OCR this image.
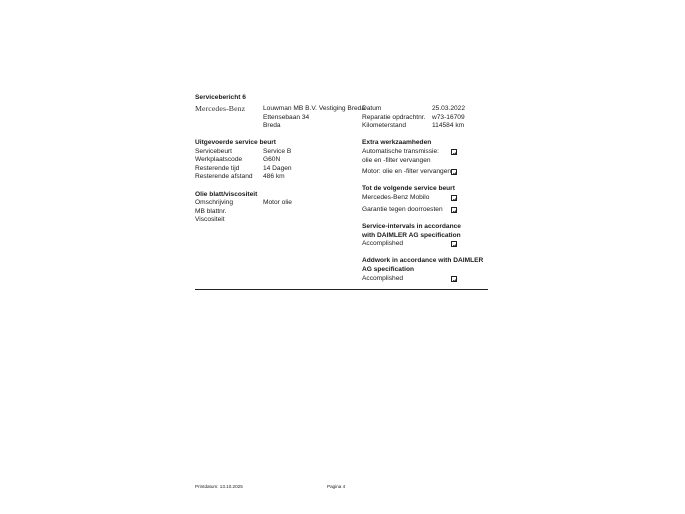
Servicebericht 6
Mercedes-Benz	Louwman MB B.V. Vestiging Breda
Ettensebaan 34
Breda
Datum	25.03.2022
Reparatie opdrachtnr. w73-16709
Kilometerstand	114584 km
Uitgevoerde service beurt
Servicebeurt	Service B
Werkplaatscode	G60N
Resterende tijd	14 Dagen
Resterende afstand 486 km
Olie blatt/viscositeit
Omschrijving	Motor olie
MB blattnr.
Viscositeit
Extra werkzaamheden
Automatische transmissie: olie en -filter vervangen
Motor: olie en -filter vervangen
Tot de volgende service beurt
Mercedes-Benz Mobilo
Garantie tegen doorroesten
Service-intervals in accordance with DAIMLER AG specification
Accomplished
Addwork in accordance with DAIMLER AG specification
Accomplished
Printdatum: 13.10.2025	Pagina 4
